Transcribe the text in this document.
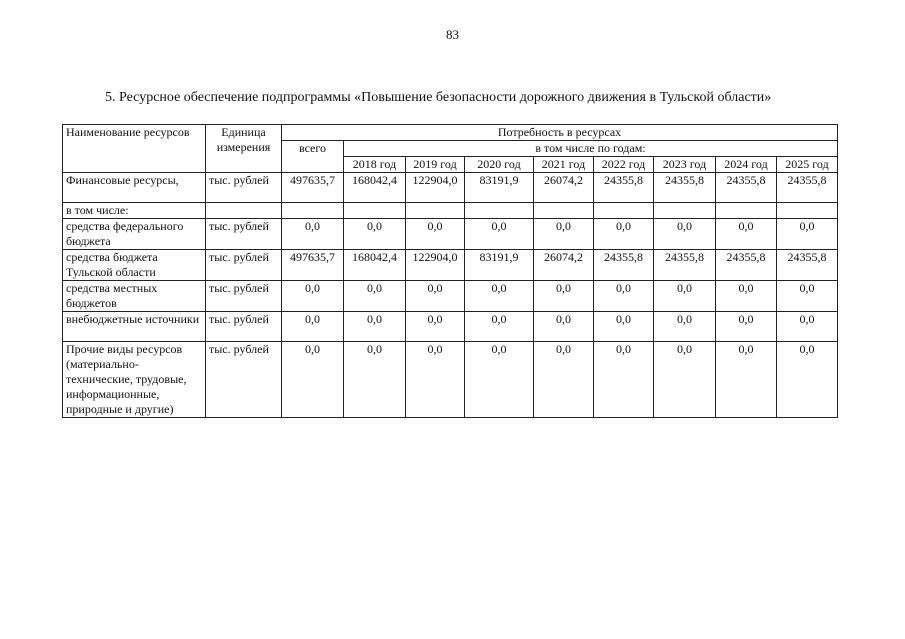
83
5. Ресурсное обеспечение подпрограммы «Повышение безопасности дорожного движения в Тульской области»
Наименование ресурсов	Единица измерения	Потребность в ресурсах								
		всего	в том числе по годам:							
			2018 год	2019 год	2020 год	2021 год	2022 год	2023 год	2024 год	2025 год
Финансовые ресурсы,	тыс. рублей	497635,7	168042,4	122904,0	83191,9	26074,2	24355,8	24355,8	24355,8	24355,8
в том числе:										
средства федерального бюджета	тыс. рублей	0,0	0,0	0,0	0,0	0,0	0,0	0,0	0,0	0,0
средства бюджета Тульской области	тыс. рублей	497635,7	168042,4	122904,0	83191,9	26074,2	24355,8	24355,8	24355,8	24355,8
средства местных бюджетов	тыс. рублей	0,0	0,0	0,0	0,0	0,0	0,0	0,0	0,0	0,0
внебюджетные источники	тыс. рублей	0,0	0,0	0,0	0,0	0,0	0,0	0,0	0,0	0,0
Прочие виды ресурсов (материально-технические, трудовые, информационные, природные и другие)	тыс. рублей	0,0	0,0	0,0	0,0	0,0	0,0	0,0	0,0	0,0
